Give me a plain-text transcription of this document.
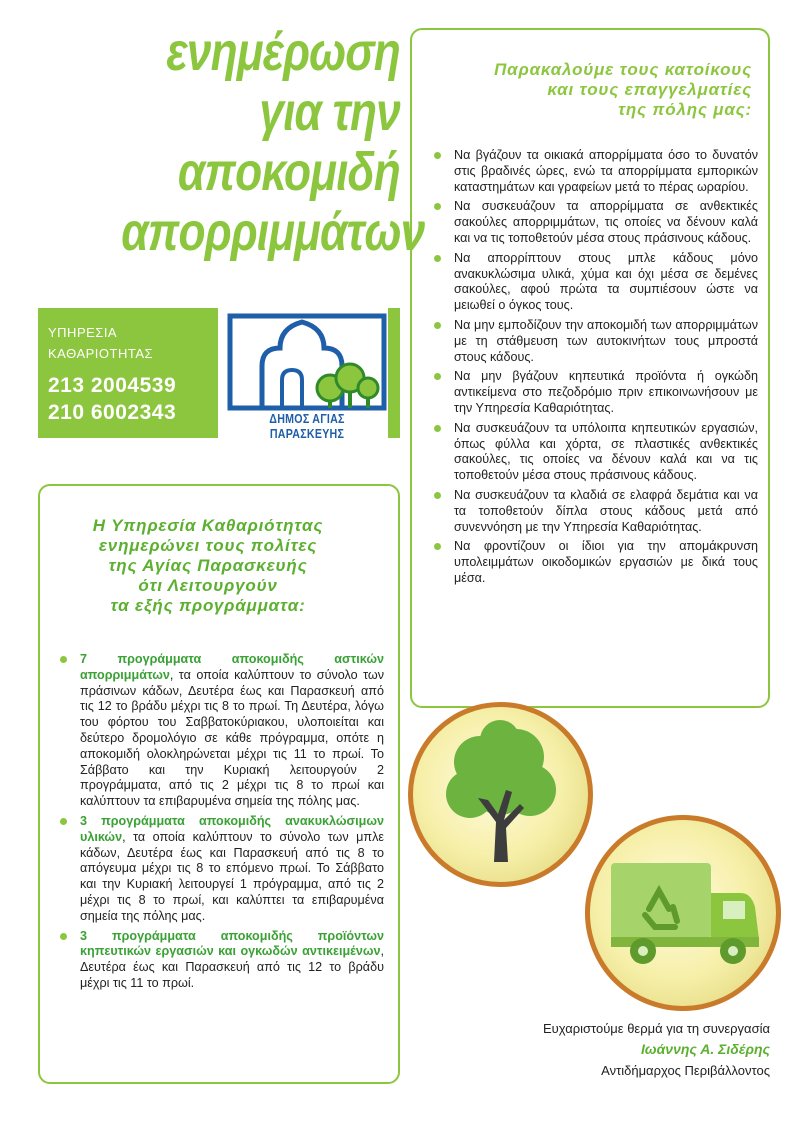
ενημέρωση
για την
αποκομιδή
απορριμμάτων
ΥΠΗΡΕΣΙΑ
ΚΑΘΑΡΙΟΤΗΤΑΣ
213 2004539
210 6002343	ΔΗΜΟΣ ΑΓΙΑΣ ΠΑΡΑΣΚΕΥΗΣ
Παρακαλούμε τους κατοίκους
και τους επαγγελματίες
της πόλης μας:
Να βγάζουν τα οικιακά απορρίμματα όσο το δυνατόν στις βραδινές ώρες, ενώ τα απορρίμματα εμπορικών καταστημάτων και γραφείων μετά το πέρας ωραρίου.
Να συσκευάζουν τα απορρίμματα σε ανθεκτικές σακούλες απορριμμάτων, τις οποίες να δένουν καλά και να τις τοποθετούν μέσα στους πράσινους κάδους.
Να απορρίπτουν στους μπλε κάδους μόνο ανακυκλώσιμα υλικά, χύμα και όχι μέσα σε δεμένες σακούλες, αφού πρώτα τα συμπιέσουν ώστε να μειωθεί ο όγκος τους.
Να μην εμποδίζουν την αποκομιδή των απορριμμάτων με τη στάθμευση των αυτοκινήτων τους μπροστά στους κάδους.
Να μην βγάζουν κηπευτικά προϊόντα ή ογκώδη αντικείμενα στο πεζοδρόμιο πριν επικοινωνήσουν με την Υπηρεσία Καθαριότητας.
Να συσκευάζουν τα υπόλοιπα κηπευτικών εργασιών, όπως φύλλα και χόρτα, σε πλαστικές ανθεκτικές σακούλες, τις οποίες να δένουν καλά και να τις τοποθετούν μέσα στους πράσινους κάδους.
Να συσκευάζουν τα κλαδιά σε ελαφρά δεμάτια και να τα τοποθετούν δίπλα στους κάδους μετά από συνεννόηση με την Υπηρεσία Καθαριότητας.
Να φροντίζουν οι ίδιοι για την απομάκρυνση υπολειμμάτων οικοδομικών εργασιών με δικά τους μέσα.
Η Υπηρεσία Καθαριότητας
ενημερώνει τους πολίτες
της Αγίας Παρασκευής
ότι Λειτουργούν
τα εξής προγράμματα:
7 προγράμματα αποκομιδής αστικών απορριμμάτων, τα οποία καλύπτουν το σύνολο των πράσινων κάδων, Δευτέρα έως και Παρασκευή από τις 12 το βράδυ μέχρι τις 8 το πρωί. Τη Δευτέρα, λόγω του φόρτου του Σαββατοκύριακου, υλοποιείται και δεύτερο δρομολόγιο σε κάθε πρόγραμμα, οπότε η αποκομιδή ολοκληρώνεται μέχρι τις 11 το πρωί. Το Σάββατο και την Κυριακή λειτουργούν 2 προγράμματα, από τις 2 μέχρι τις 8 το πρωί και καλύπτουν τα επιβαρυμένα σημεία της πόλης μας.
3 προγράμματα αποκομιδής ανακυκλώσιμων υλικών, τα οποία καλύπτουν το σύνολο των μπλε κάδων, Δευτέρα έως και Παρασκευή από τις 8 το απόγευμα μέχρι τις 8 το επόμενο πρωί. Το Σάββατο και την Κυριακή λειτουργεί 1 πρόγραμμα, από τις 2 μέχρι τις 8 το πρωί, και καλύπτει τα επιβαρυμένα σημεία της πόλης μας.
3 προγράμματα αποκομιδής προϊόντων κηπευτικών εργασιών και ογκωδών αντικειμένων, Δευτέρα έως και Παρασκευή από τις 12 το βράδυ μέχρι τις 11 το πρωί.
Ευχαριστούμε θερμά για τη συνεργασία
Ιωάννης Α. Σιδέρης
Αντιδήμαρχος Περιβάλλοντος
